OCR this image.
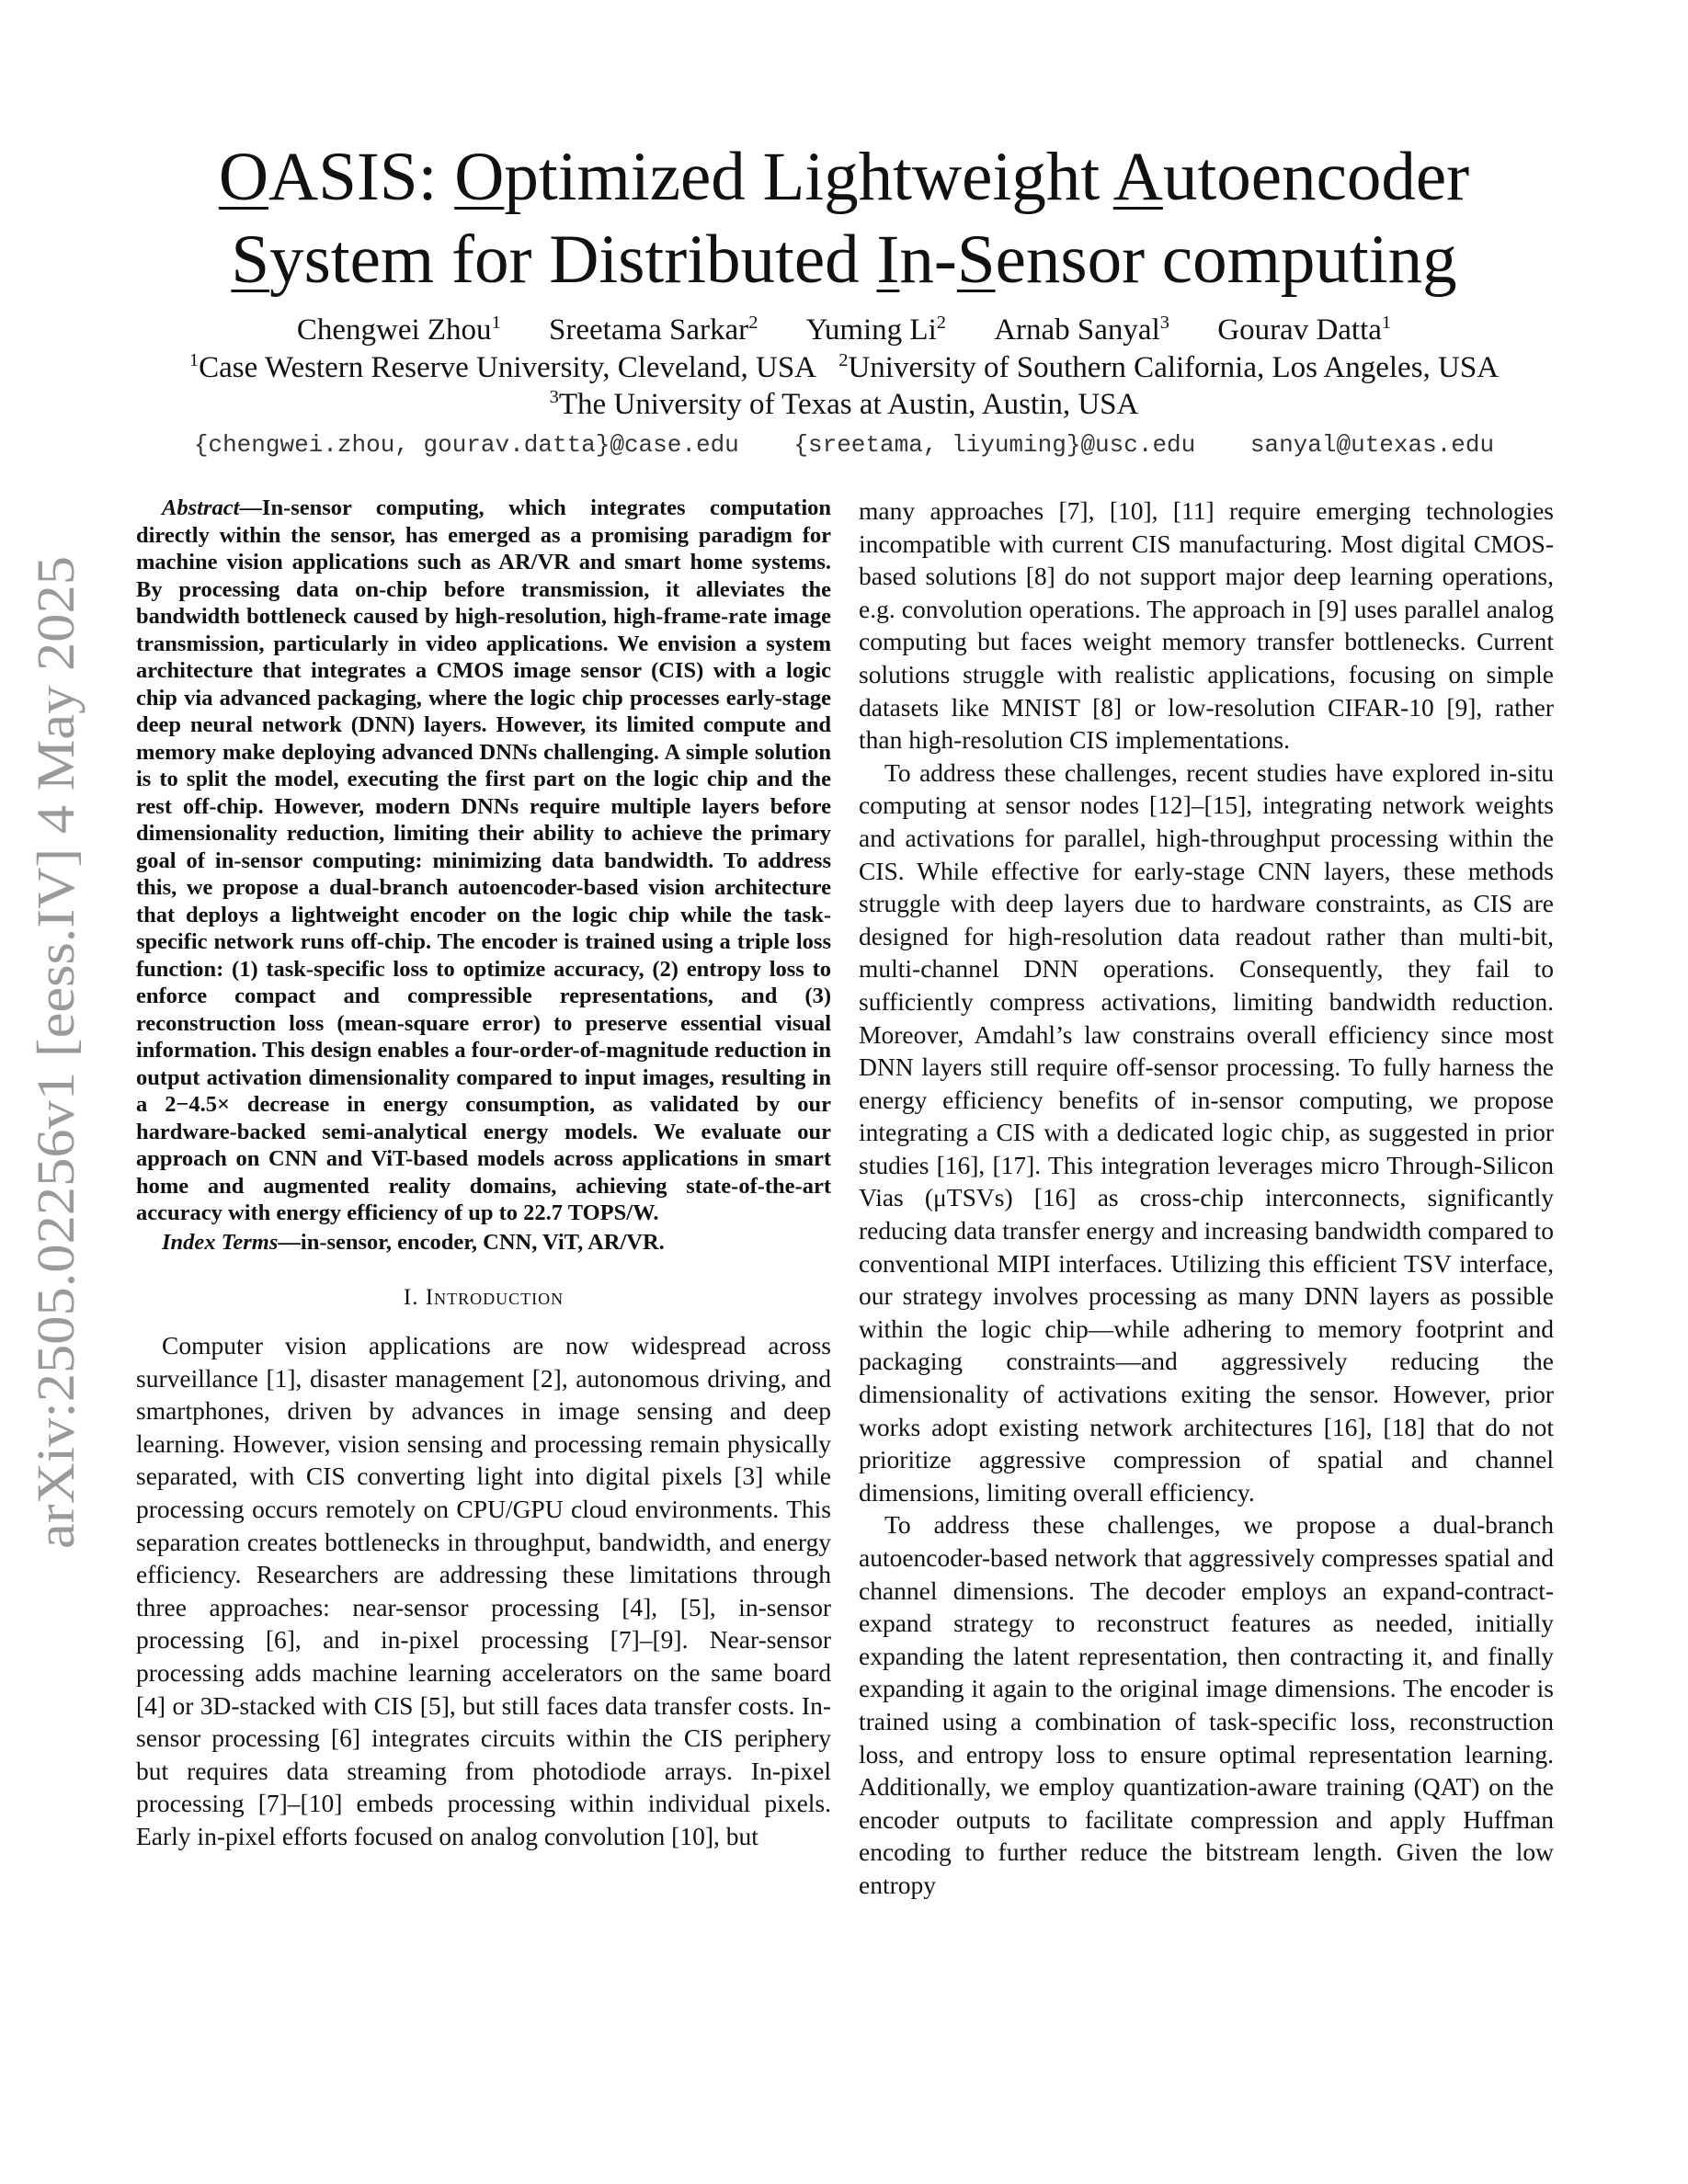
arXiv:2505.02256v1 [eess.IV] 4 May 2025
OASIS: Optimized Lightweight Autoencoder
System for Distributed In-Sensor computing
Chengwei Zhou$^1$ Sreetama Sarkar$^2$ Yuming Li$^2$ Arnab Sanyal$^3$ Gourav Datta$^1$
$^1$Case Western Reserve University, Cleveland, USA $^2$University of Southern California, Los Angeles, USA
$^3$The University of Texas at Austin, Austin, USA
{chengwei.zhou, gourav.datta}@case.edu {sreetama, liyuming}@usc.edu sanyal@utexas.edu

Abstract—In-sensor computing, which integrates computation directly within the sensor, has emerged as a promising paradigm for machine vision applications such as AR/VR and smart home systems. By processing data on-chip before transmission, it alleviates the bandwidth bottleneck caused by high-resolution, high-frame-rate image transmission, particularly in video applications. We envision a system architecture that integrates a CMOS image sensor (CIS) with a logic chip via advanced packaging, where the logic chip processes early-stage deep neural network (DNN) layers. However, its limited compute and memory make deploying advanced DNNs challenging. A simple solution is to split the model, executing the first part on the logic chip and the rest off-chip. However, modern DNNs require multiple layers before dimensionality reduction, limiting their ability to achieve the primary goal of in-sensor computing: minimizing data bandwidth. To address this, we propose a dual-branch autoencoder-based vision architecture that deploys a lightweight encoder on the logic chip while the task-specific network runs off-chip. The encoder is trained using a triple loss function: (1) task-specific loss to optimize accuracy, (2) entropy loss to enforce compact and compressible representations, and (3) reconstruction loss (mean-square error) to preserve essential visual information. This design enables a four-order-of-magnitude reduction in output activation dimensionality compared to input images, resulting in a 2−4.5× decrease in energy consumption, as validated by our hardware-backed semi-analytical energy models. We evaluate our approach on CNN and ViT-based models across applications in smart home and augmented reality domains, achieving state-of-the-art accuracy with energy efficiency of up to 22.7 TOPS/W.

Index Terms—in-sensor, encoder, CNN, ViT, AR/VR.

I. Introduction

Computer vision applications are now widespread across surveillance [1], disaster management [2], autonomous driving, and smartphones, driven by advances in image sensing and deep learning. However, vision sensing and processing remain physically separated, with CIS converting light into digital pixels [3] while processing occurs remotely on CPU/GPU cloud environments. This separation creates bottlenecks in throughput, bandwidth, and energy efficiency. Researchers are addressing these limitations through three approaches: near-sensor processing [4], [5], in-sensor processing [6], and in-pixel processing [7]–[9]. Near-sensor processing adds machine learning accelerators on the same board [4] or 3D-stacked with CIS [5], but still faces data transfer costs. In-sensor processing [6] integrates circuits within the CIS periphery but requires data streaming from photodiode arrays. In-pixel processing [7]–[10] embeds processing within individual pixels. Early in-pixel efforts focused on analog convolution [10], but

many approaches [7], [10], [11] require emerging technologies incompatible with current CIS manufacturing. Most digital CMOS-based solutions [8] do not support major deep learning operations, e.g. convolution operations. The approach in [9] uses parallel analog computing but faces weight memory transfer bottlenecks. Current solutions struggle with realistic applications, focusing on simple datasets like MNIST [8] or low-resolution CIFAR-10 [9], rather than high-resolution CIS implementations.

To address these challenges, recent studies have explored in-situ computing at sensor nodes [12]–[15], integrating network weights and activations for parallel, high-throughput processing within the CIS. While effective for early-stage CNN layers, these methods struggle with deep layers due to hardware constraints, as CIS are designed for high-resolution data readout rather than multi-bit, multi-channel DNN operations. Consequently, they fail to sufficiently compress activations, limiting bandwidth reduction. Moreover, Amdahl’s law constrains overall efficiency since most DNN layers still require off-sensor processing. To fully harness the energy efficiency benefits of in-sensor computing, we propose integrating a CIS with a dedicated logic chip, as suggested in prior studies [16], [17]. This integration leverages micro Through-Silicon Vias (μTSVs) [16] as cross-chip interconnects, significantly reducing data transfer energy and increasing bandwidth compared to conventional MIPI interfaces. Utilizing this efficient TSV interface, our strategy involves processing as many DNN layers as possible within the logic chip—while adhering to memory footprint and packaging constraints—and aggressively reducing the dimensionality of activations exiting the sensor. However, prior works adopt existing network architectures [16], [18] that do not prioritize aggressive compression of spatial and channel dimensions, limiting overall efficiency.

To address these challenges, we propose a dual-branch autoencoder-based network that aggressively compresses spatial and channel dimensions. The decoder employs an expand-contract-expand strategy to reconstruct features as needed, initially expanding the latent representation, then contracting it, and finally expanding it again to the original image dimensions. The encoder is trained using a combination of task-specific loss, reconstruction loss, and entropy loss to ensure optimal representation learning. Additionally, we employ quantization-aware training (QAT) on the encoder outputs to facilitate compression and apply Huffman encoding to further reduce the bitstream length. Given the low entropy
